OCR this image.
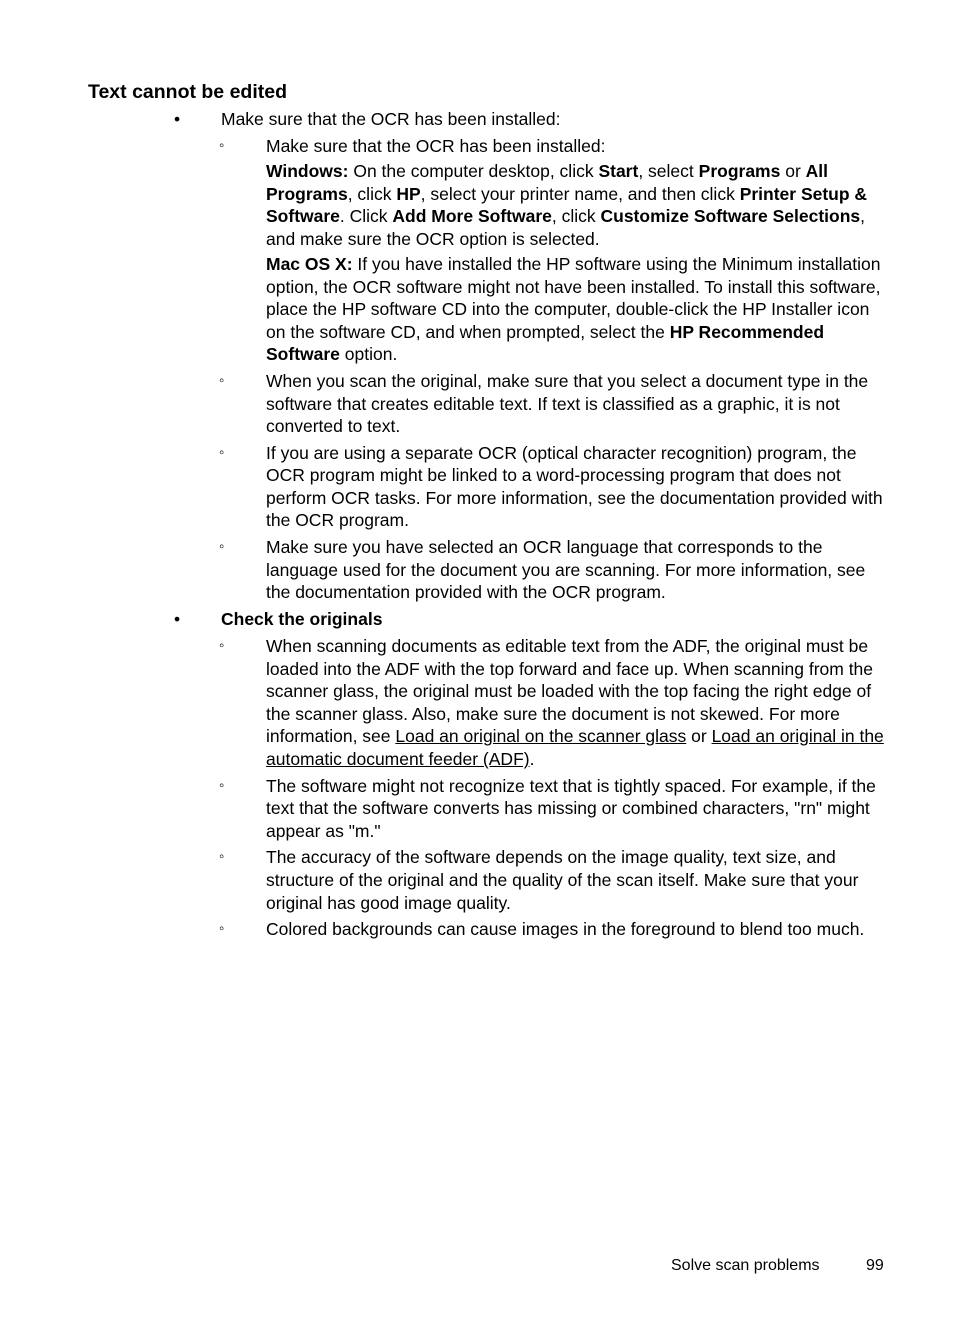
Text cannot be edited
• Make sure that the OCR has been installed:
◦ Make sure that the OCR has been installed:

Windows: On the computer desktop, click Start, select Programs or All Programs, click HP, select your printer name, and then click Printer Setup & Software. Click Add More Software, click Customize Software Selections, and make sure the OCR option is selected.

Mac OS X: If you have installed the HP software using the Minimum installation option, the OCR software might not have been installed. To install this software, place the HP software CD into the computer, double-click the HP Installer icon on the software CD, and when prompted, select the HP Recommended Software option.

◦ When you scan the original, make sure that you select a document type in the software that creates editable text. If text is classified as a graphic, it is not converted to text.

◦ If you are using a separate OCR (optical character recognition) program, the OCR program might be linked to a word-processing program that does not perform OCR tasks. For more information, see the documentation provided with the OCR program.

◦ Make sure you have selected an OCR language that corresponds to the language used for the document you are scanning. For more information, see the documentation provided with the OCR program.

• Check the originals
◦ When scanning documents as editable text from the ADF, the original must be loaded into the ADF with the top forward and face up. When scanning from the scanner glass, the original must be loaded with the top facing the right edge of the scanner glass. Also, make sure the document is not skewed. For more information, see Load an original on the scanner glass or Load an original in the automatic document feeder (ADF).

◦ The software might not recognize text that is tightly spaced. For example, if the text that the software converts has missing or combined characters, "rn" might appear as "m."

◦ The accuracy of the software depends on the image quality, text size, and structure of the original and the quality of the scan itself. Make sure that your original has good image quality.

◦ Colored backgrounds can cause images in the foreground to blend too much.

Solve scan problems	99
